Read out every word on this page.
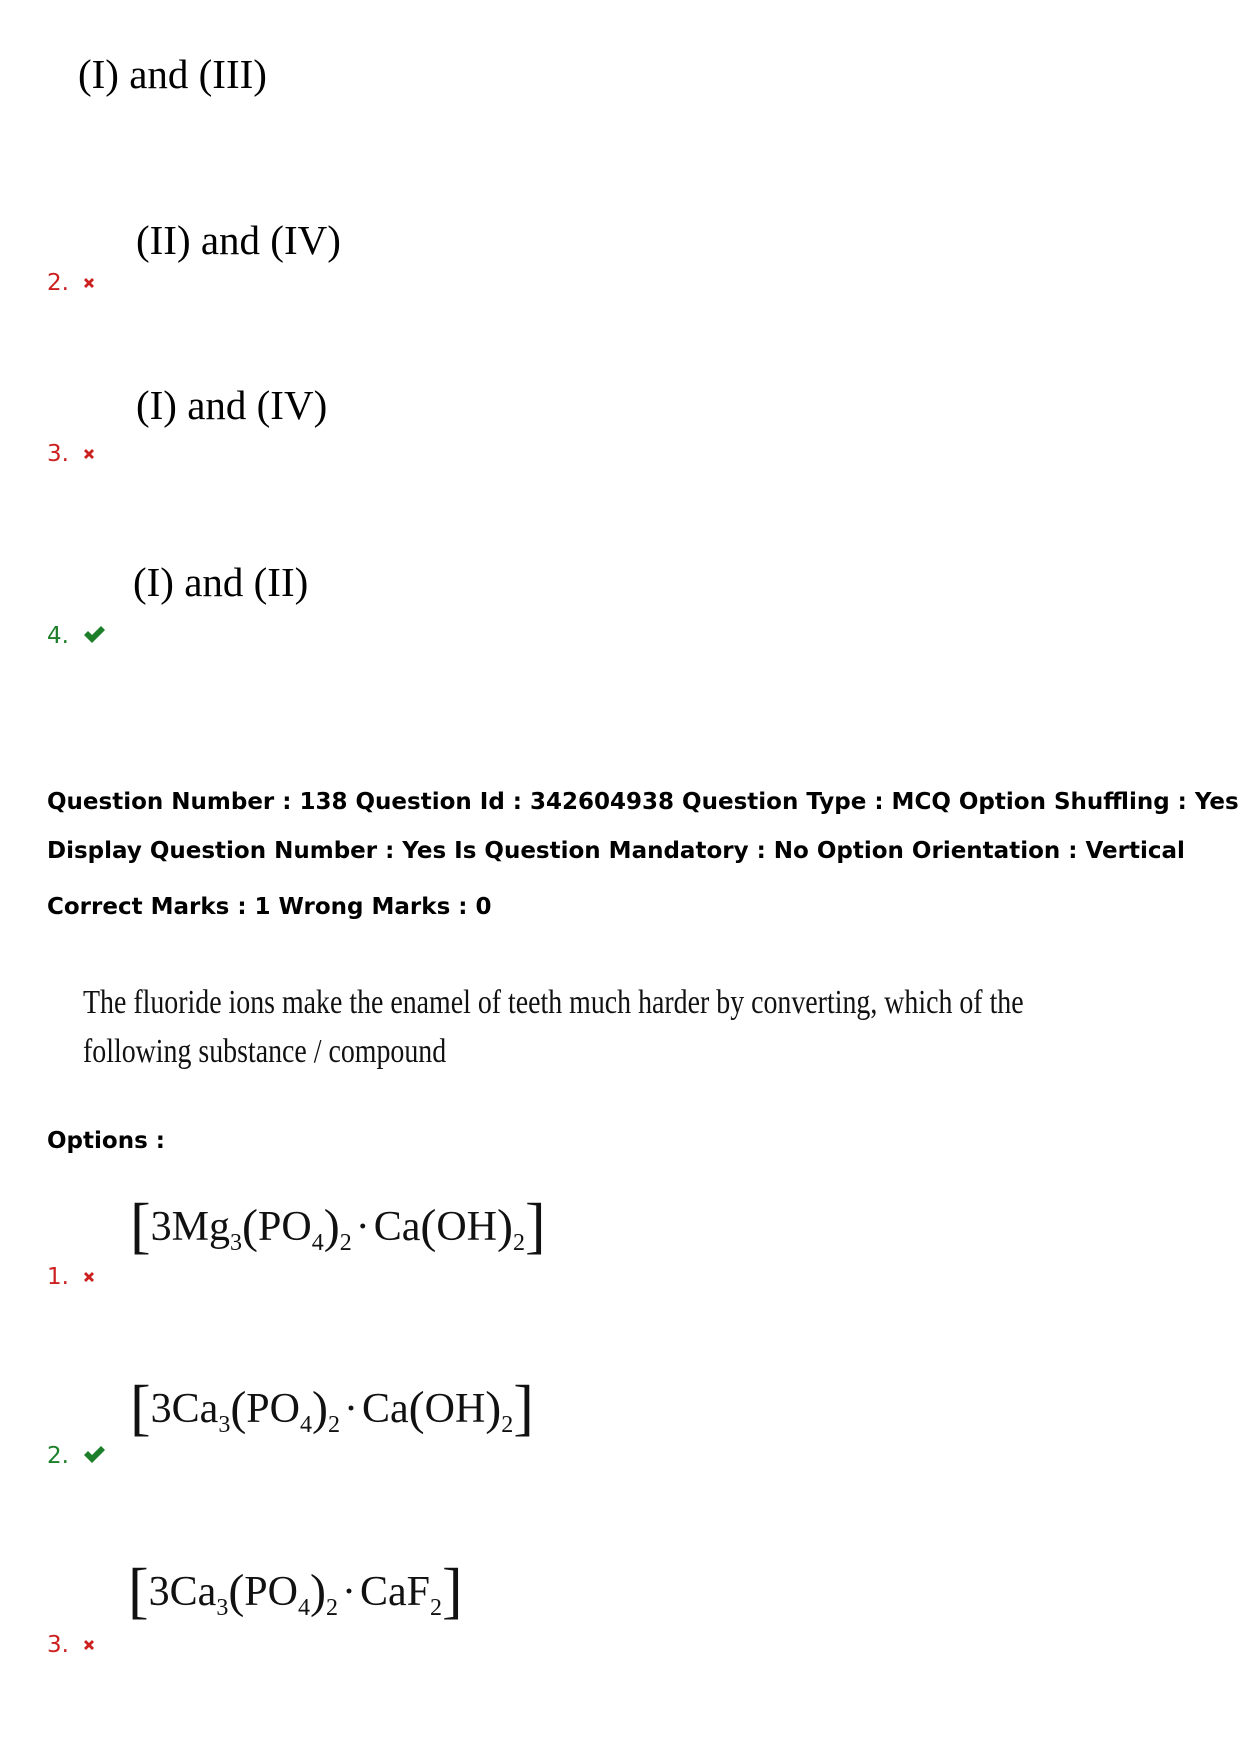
(I) and (III)
(II) and (IV)
2.
(I) and (IV)
3.
(I) and (II)
4.
Question Number : 138 Question Id : 342604938 Question Type : MCQ Option Shuffling : Yes
Display Question Number : Yes Is Question Mandatory : No Option Orientation : Vertical
Correct Marks : 1 Wrong Marks : 0
The fluoride ions make the enamel of teeth much harder by converting, which of the
following substance / compound
Options :
$[3Mg_3(PO_4)_2\cdot Ca(OH)_2]$
1.
$[3Ca_3(PO_4)_2\cdot Ca(OH)_2]$
2.
$[3Ca_3(PO_4)_2\cdot CaF_2]$
3.
